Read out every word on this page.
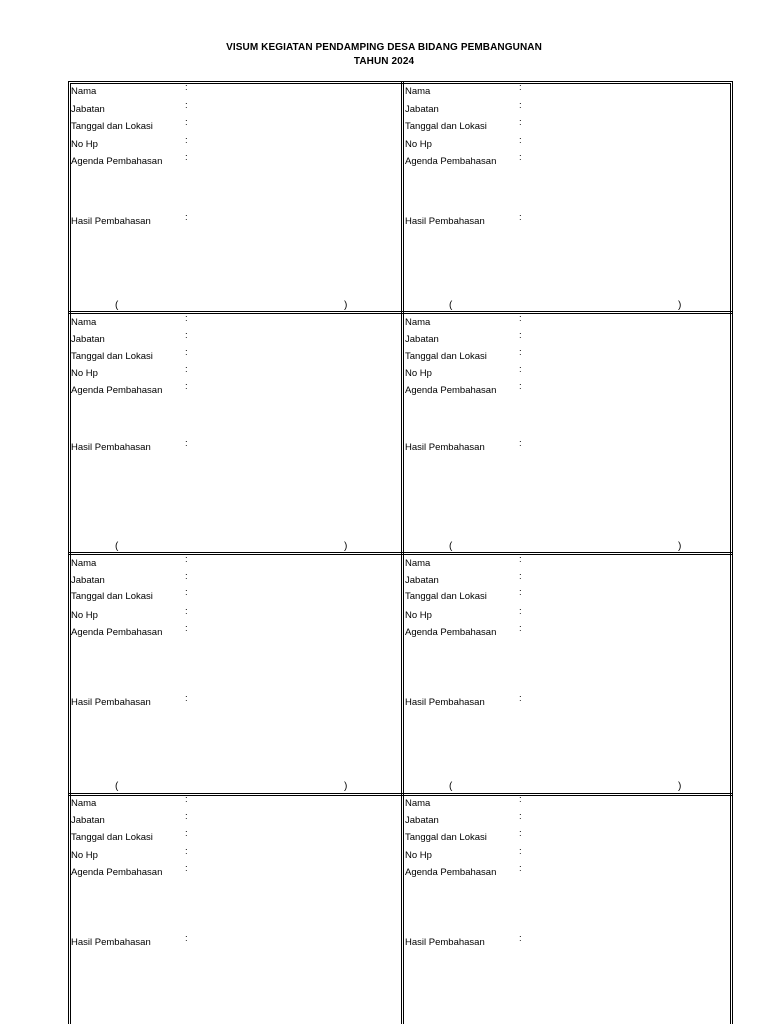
VISUM KEGIATAN PENDAMPING DESA BIDANG PEMBANGUNAN
TAHUN 2024
Nama	:
Jabatan	:
Tanggal dan Lokasi	:
No Hp	:
Agenda Pembahasan :
Hasil Pembahasan	:
(	)
Nama	:
Jabatan	:
Tanggal dan Lokasi	:
No Hp	:
Agenda Pembahasan :
Hasil Pembahasan	:
(	)
Nama	:
Jabatan	:
Tanggal dan Lokasi	:
No Hp	:
Agenda Pembahasan :
Hasil Pembahasan	:
(	)
Nama	:
Jabatan	:
Tanggal dan Lokasi	:
No Hp	:
Agenda Pembahasan :
Hasil Pembahasan	:
(	)
Nama	:
Jabatan	:
Tanggal dan Lokasi	:
No Hp	:
Agenda Pembahasan :
Hasil Pembahasan	:
(	)
Nama	:
Jabatan	:
Tanggal dan Lokasi	:
No Hp	:
Agenda Pembahasan :
Hasil Pembahasan	:
(	)
Nama	:
Jabatan	:
Tanggal dan Lokasi	:
No Hp	:
Agenda Pembahasan :
Hasil Pembahasan	:
Nama	:
Jabatan	:
Tanggal dan Lokasi	:
No Hp	:
Agenda Pembahasan :
Hasil Pembahasan	:
